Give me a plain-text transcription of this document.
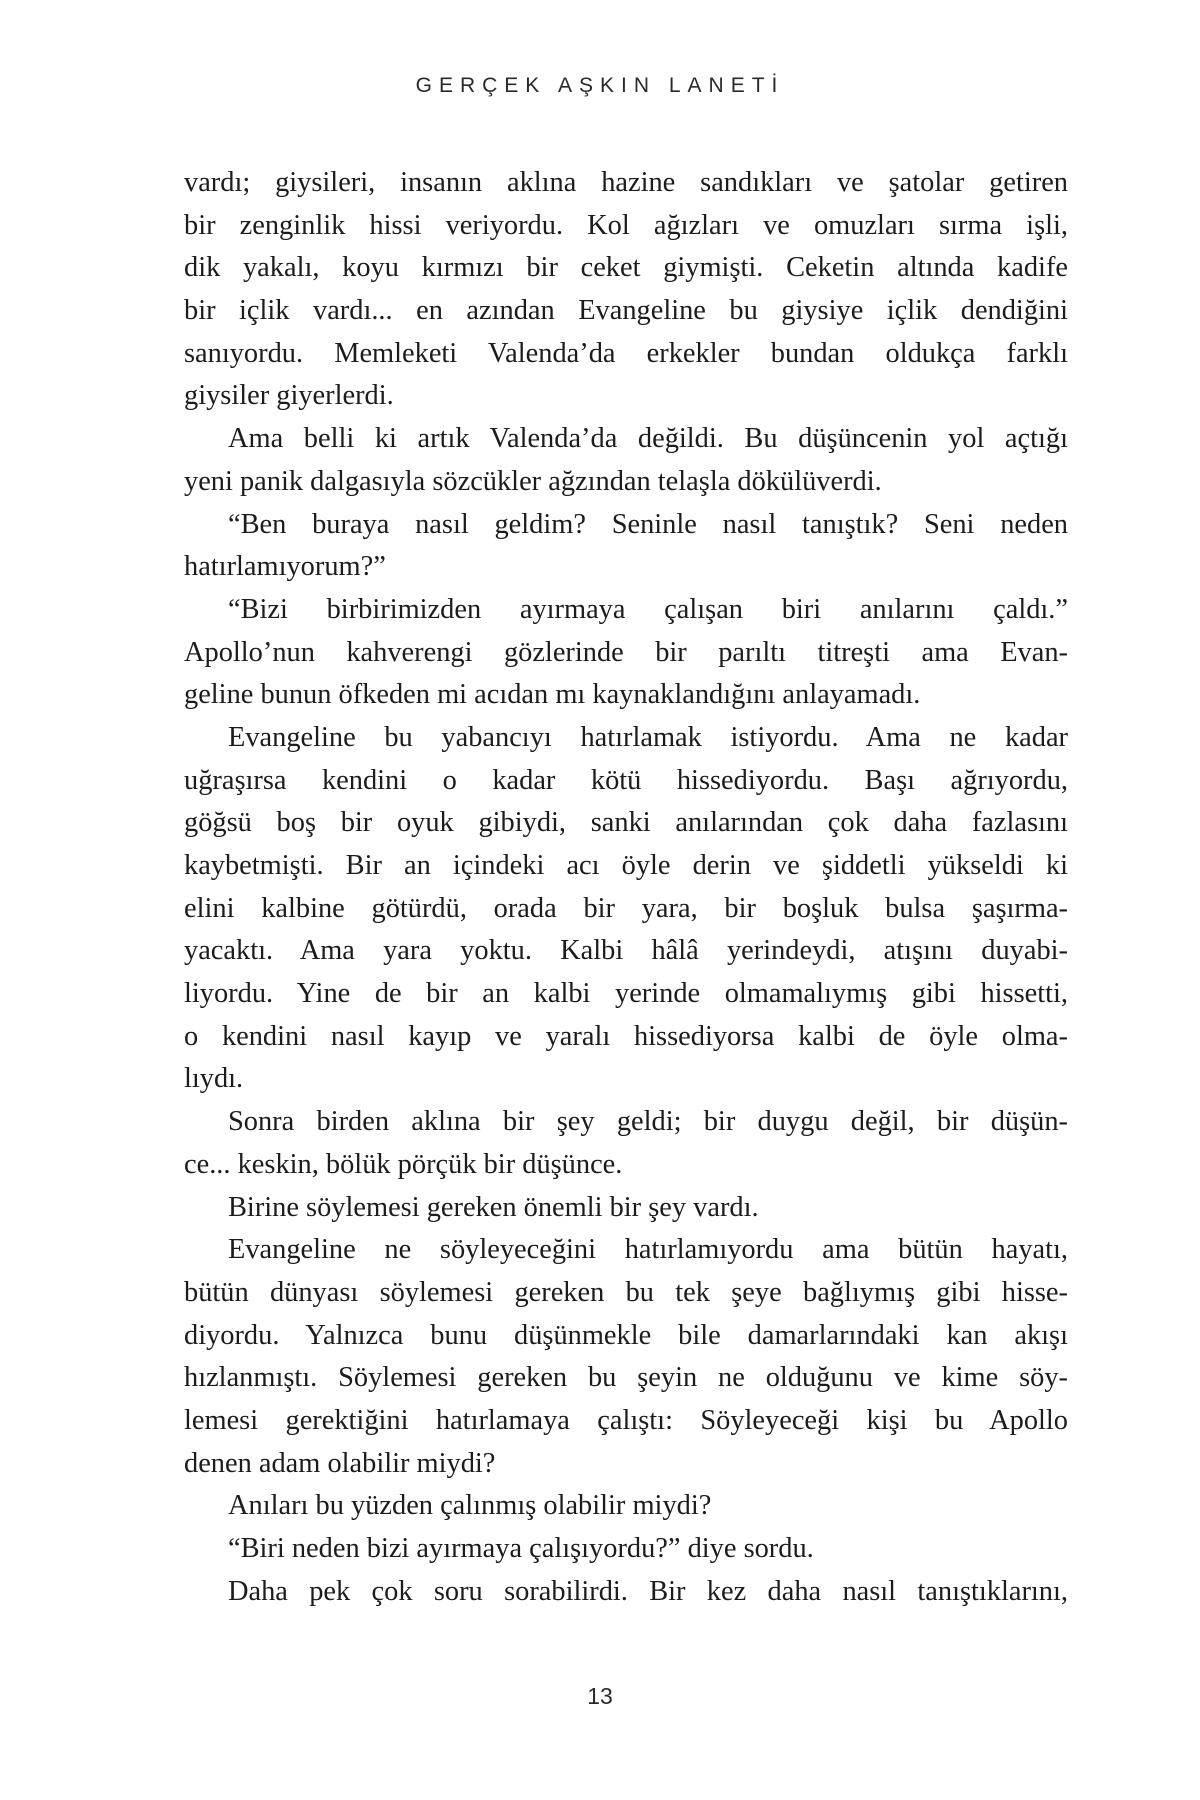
GERÇEK AŞKIN LANETİ
vardı; giysileri, insanın aklına hazine sandıkları ve şatolar getiren
bir zenginlik hissi veriyordu. Kol ağızları ve omuzları sırma işli,
dik yakalı, koyu kırmızı bir ceket giymişti. Ceketin altında kadife
bir içlik vardı... en azından Evangeline bu giysiye içlik dendiğini
sanıyordu. Memleketi Valenda’da erkekler bundan oldukça farklı
giysiler giyerlerdi.
Ama belli ki artık Valenda’da değildi. Bu düşüncenin yol açtığı
yeni panik dalgasıyla sözcükler ağzından telaşla dökülüverdi.
“Ben buraya nasıl geldim? Seninle nasıl tanıştık? Seni neden
hatırlamıyorum?”
“Bizi birbirimizden ayırmaya çalışan biri anılarını çaldı.”
Apollo’nun kahverengi gözlerinde bir parıltı titreşti ama Evan-
geline bunun öfkeden mi acıdan mı kaynaklandığını anlayamadı.
Evangeline bu yabancıyı hatırlamak istiyordu. Ama ne kadar
uğraşırsa kendini o kadar kötü hissediyordu. Başı ağrıyordu,
göğsü boş bir oyuk gibiydi, sanki anılarından çok daha fazlasını
kaybetmişti. Bir an içindeki acı öyle derin ve şiddetli yükseldi ki
elini kalbine götürdü, orada bir yara, bir boşluk bulsa şaşırma-
yacaktı. Ama yara yoktu. Kalbi hâlâ yerindeydi, atışını duyabi-
liyordu. Yine de bir an kalbi yerinde olmamalıymış gibi hissetti,
o kendini nasıl kayıp ve yaralı hissediyorsa kalbi de öyle olma-
lıydı.
Sonra birden aklına bir şey geldi; bir duygu değil, bir düşün-
ce... keskin, bölük pörçük bir düşünce.
Birine söylemesi gereken önemli bir şey vardı.
Evangeline ne söyleyeceğini hatırlamıyordu ama bütün hayatı,
bütün dünyası söylemesi gereken bu tek şeye bağlıymış gibi hisse-
diyordu. Yalnızca bunu düşünmekle bile damarlarındaki kan akışı
hızlanmıştı. Söylemesi gereken bu şeyin ne olduğunu ve kime söy-
lemesi gerektiğini hatırlamaya çalıştı: Söyleyeceği kişi bu Apollo
denen adam olabilir miydi?
Anıları bu yüzden çalınmış olabilir miydi?
“Biri neden bizi ayırmaya çalışıyordu?” diye sordu.
Daha pek çok soru sorabilirdi. Bir kez daha nasıl tanıştıklarını,
13
